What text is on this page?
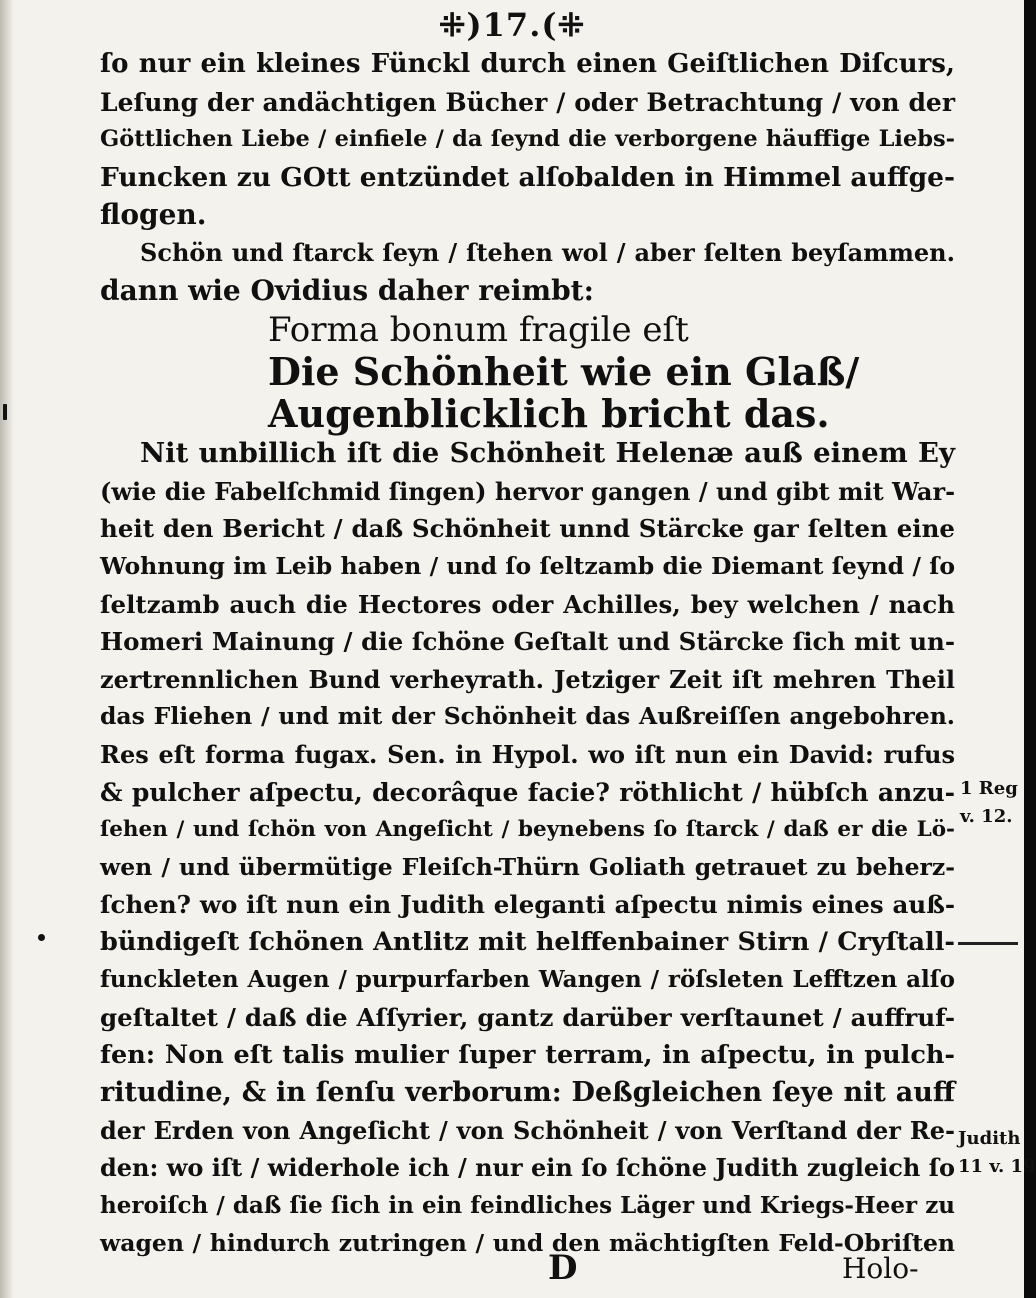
⁜)17.(⁜
ſo nur ein kleines Fünckl durch einen Geiſtlichen Diſcurs,
Leſung der andächtigen Bücher / oder Betrachtung / von der
Göttlichen Liebe / einfiele / da ſeynd die verborgene häuffige Liebs-
Funcken zu GOtt entzündet alſobalden in Himmel auffge-
flogen.
Schön und ſtarck ſeyn / ſtehen wol / aber ſelten beyſammen.
dann wie Ovidius daher reimbt:
Forma bonum fragile eſt
Die Schönheit wie ein Glaß/
Augenblicklich bricht das.
Nit unbillich iſt die Schönheit Helenæ auß einem Ey
(wie die Fabelſchmid ſingen) hervor gangen / und gibt mit War-
heit den Bericht / daß Schönheit unnd Stärcke gar ſelten eine
Wohnung im Leib haben / und ſo ſeltzamb die Diemant ſeynd / ſo
ſeltzamb auch die Hectores oder Achilles, bey welchen / nach
Homeri Mainung / die ſchöne Geſtalt und Stärcke ſich mit un-
zertrennlichen Bund verheyrath. Jetziger Zeit iſt mehren Theil
das Fliehen / und mit der Schönheit das Außreiſſen angebohren.
Res eſt forma fugax. Sen. in Hypol. wo iſt nun ein David: rufus
& pulcher aſpectu, decorâque facie? röthlicht / hübſch anzu-
ſehen / und ſchön von Angeſicht / beynebens ſo ſtarck / daß er die Lö-
wen / und übermütige Fleiſch-Thürn Goliath getrauet zu beherz-
ſchen? wo iſt nun ein Judith eleganti aſpectu nimis eines auß-
bündigeſt ſchönen Antlitz mit helffenbainer Stirn / Cryſtall-
funckleten Augen / purpurfarben Wangen / röſsleten Lefftzen alſo
geſtaltet / daß die Aſſyrier, gantz darüber verſtaunet / auffruf-
fen: Non eſt talis mulier ſuper terram, in aſpectu, in pulch-
ritudine, & in ſenſu verborum: Deßgleichen ſeye nit auff
der Erden von Angeſicht / von Schönheit / von Verſtand der Re-
den: wo iſt / widerhole ich / nur ein ſo ſchöne Judith zugleich ſo
heroiſch / daß ſie ſich in ein feindliches Läger und Kriegs-Heer zu
wagen / hindurch zutringen / und den mächtigſten Feld-Obriſten
1 Reg
v. 12.
Judith
11 v. 19
D	Holo-
